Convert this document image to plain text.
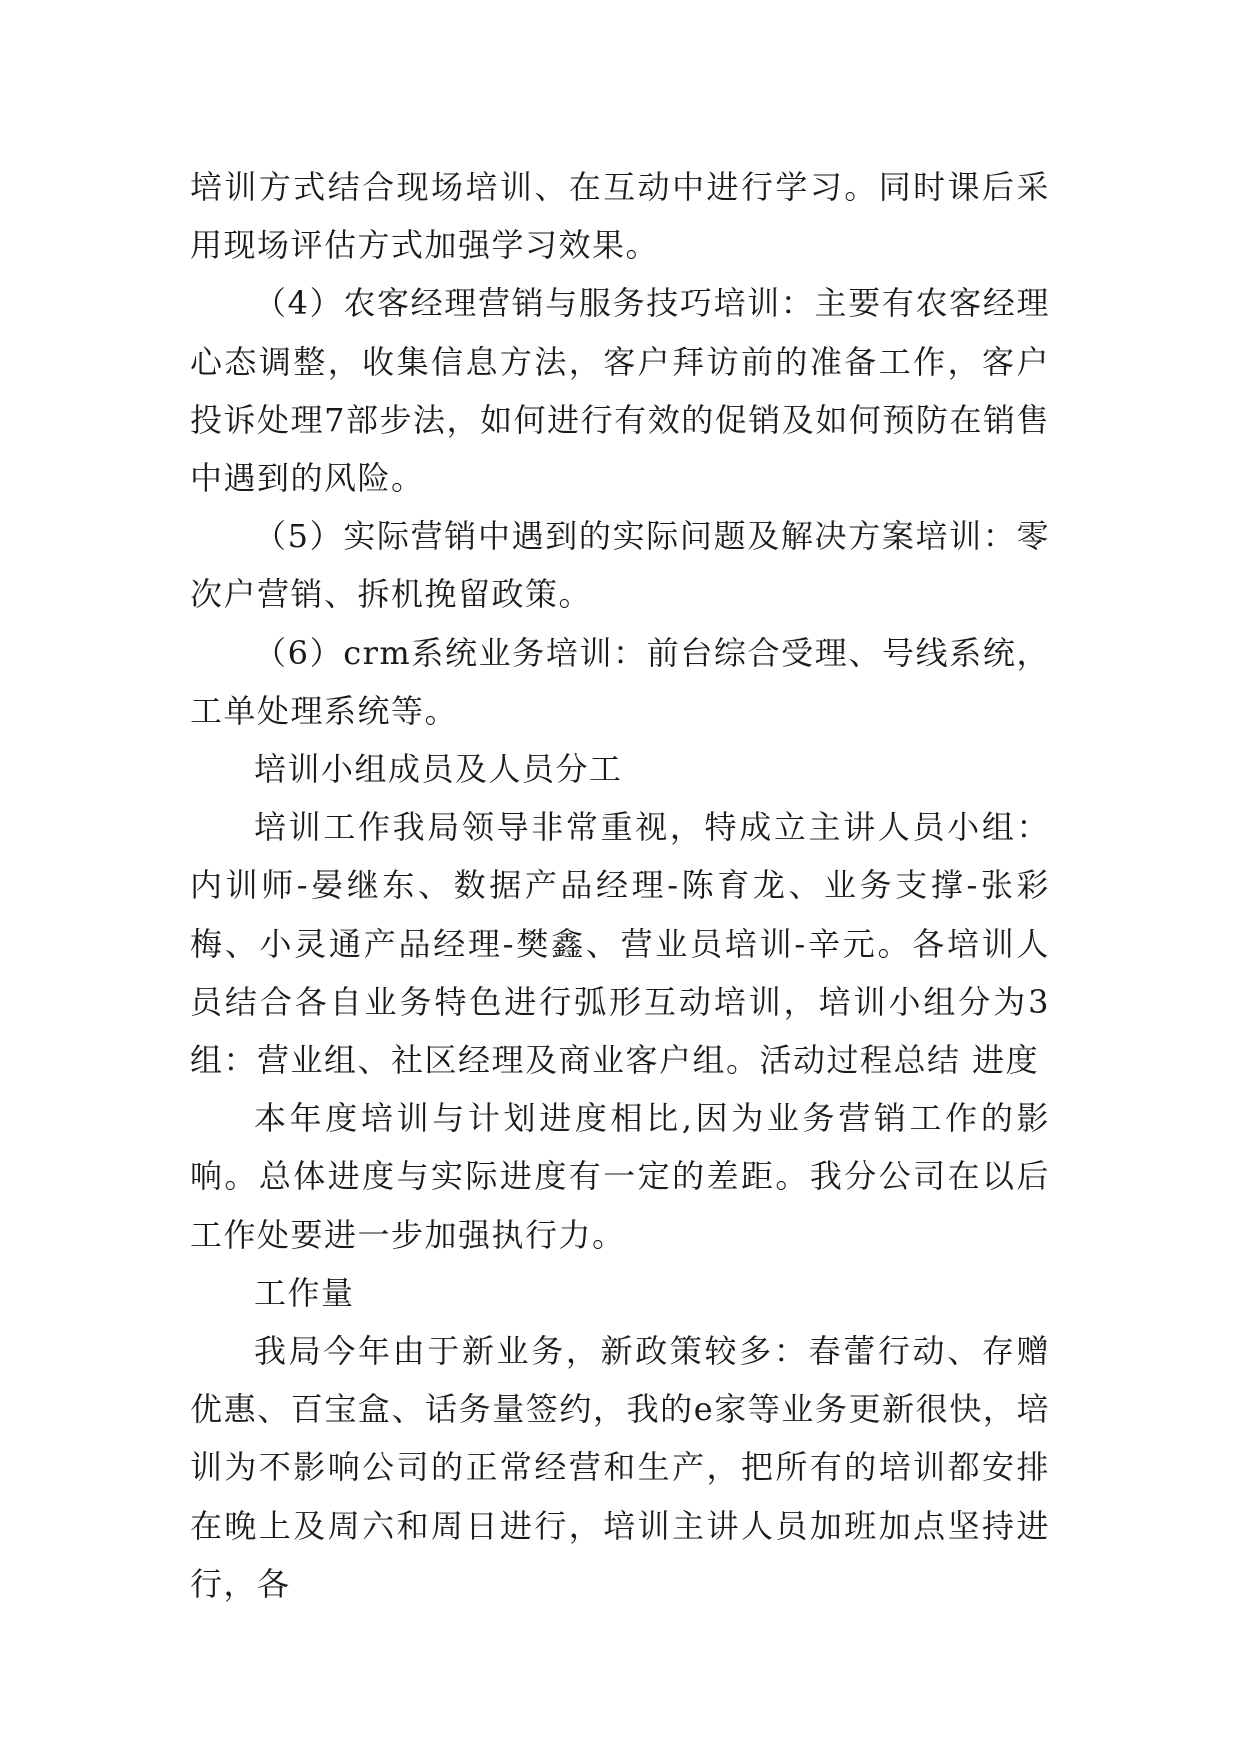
培训方式结合现场培训、在互动中进行学习。同时课后采用现场评估方式加强学习效果。

（4）农客经理营销与服务技巧培训：主要有农客经理心态调整，收集信息方法，客户拜访前的准备工作，客户投诉处理7部步法，如何进行有效的促销及如何预防在销售中遇到的风险。

（5）实际营销中遇到的实际问题及解决方案培训：零次户营销、拆机挽留政策。

（6）crm系统业务培训：前台综合受理、号线系统，工单处理系统等。

培训小组成员及人员分工

培训工作我局领导非常重视，特成立主讲人员小组：内训师-晏继东、数据产品经理-陈育龙、业务支撑-张彩梅、小灵通产品经理-樊鑫、营业员培训-辛元。各培训人员结合各自业务特色进行弧形互动培训，培训小组分为3组：营业组、社区经理及商业客户组。活动过程总结 进度

本年度培训与计划进度相比,因为业务营销工作的影响。总体进度与实际进度有一定的差距。我分公司在以后工作处要进一步加强执行力。

工作量

我局今年由于新业务，新政策较多：春蕾行动、存赠优惠、百宝盒、话务量签约，我的e家等业务更新很快，培训为不影响公司的正常经营和生产，把所有的培训都安排在晚上及周六和周日进行，培训主讲人员加班加点坚持进行，各
